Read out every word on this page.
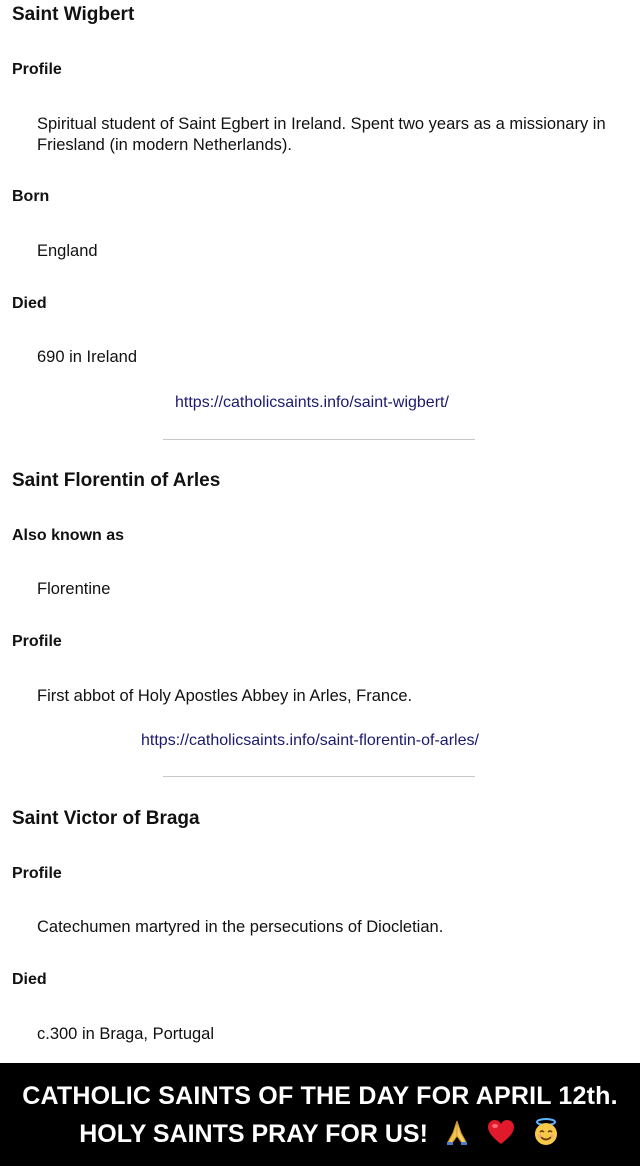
Saint Wigbert
Profile

Spiritual student of Saint Egbert in Ireland. Spent two years as a missionary in Friesland (in modern Netherlands).

Born
England
Died
690 in Ireland
https://catholicsaints.info/saint-wigbert/
Saint Florentin of Arles
Also known as
Florentine
Profile
First abbot of Holy Apostles Abbey in Arles, France.
https://catholicsaints.info/saint-florentin-of-arles/
Saint Victor of Braga
Profile
Catechumen martyred in the persecutions of Diocletian.
Died
c.300 in Braga, Portugal
CATHOLIC SAINTS OF THE DAY FOR APRIL 12th.
HOLY SAINTS PRAY FOR US!
